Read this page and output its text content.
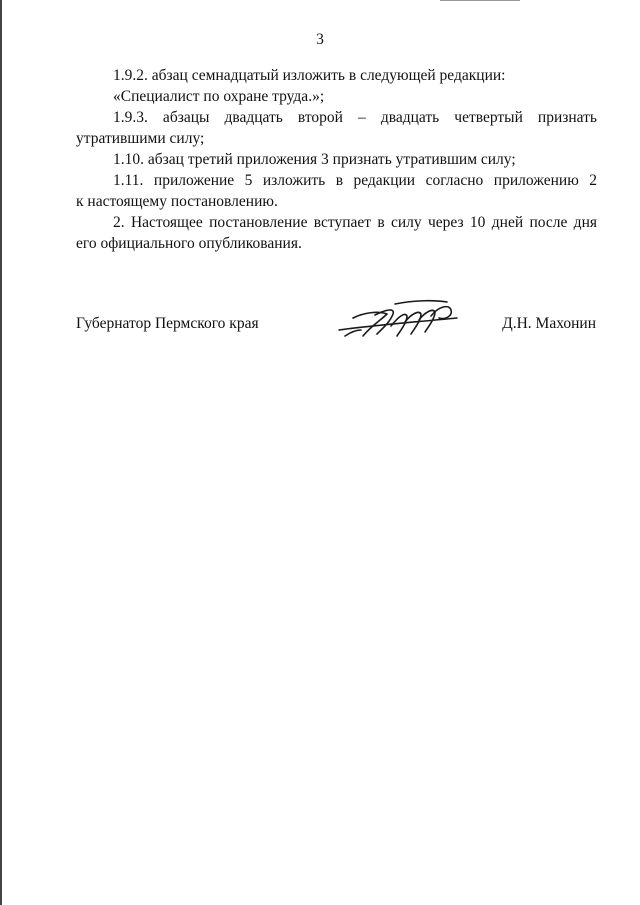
3
1.9.2. абзац семнадцатый изложить в следующей редакции:
«Специалист по охране труда.»;
1.9.3. абзацы двадцать второй – двадцать четвертый признать
утратившими силу;
1.10. абзац третий приложения 3 признать утратившим силу;
1.11. приложение 5 изложить в редакции согласно приложению 2
к настоящему постановлению.
2. Настоящее постановление вступает в силу через 10 дней после дня
его официального опубликования.
Губернатор Пермского края	Д.Н. Махонин
